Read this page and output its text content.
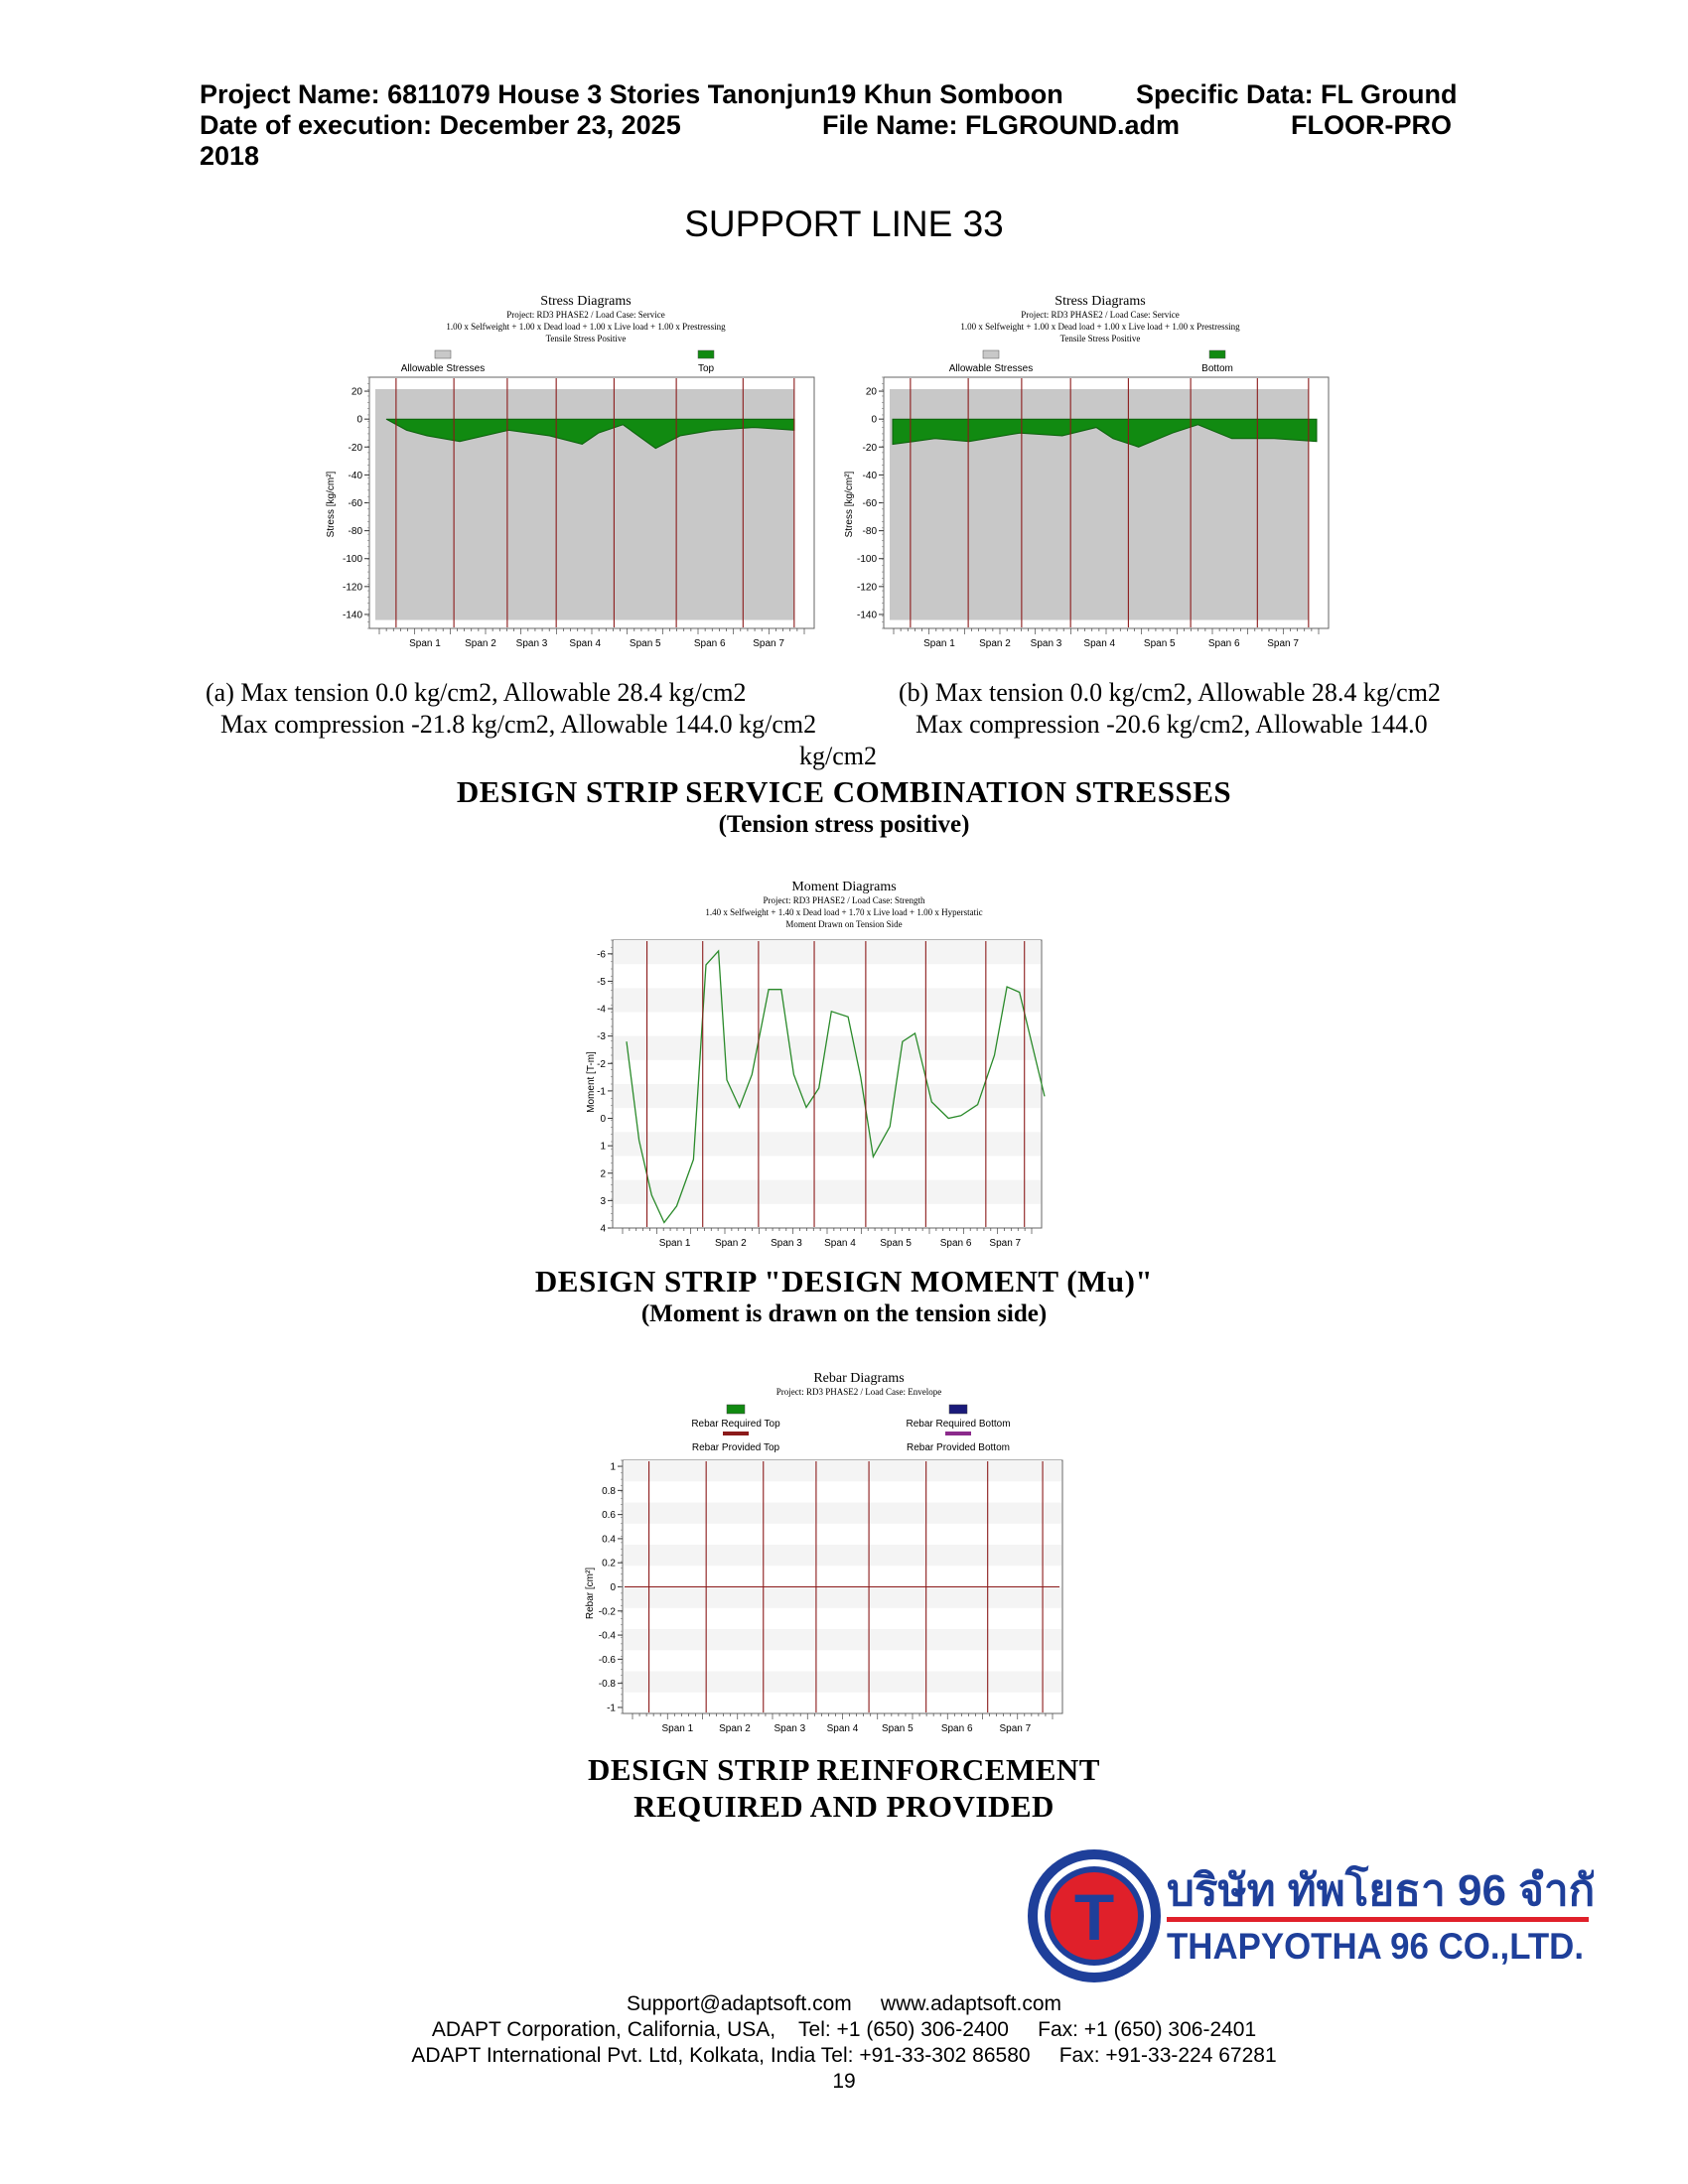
Project Name: 6811079 House 3 Stories Tanonjun19 Khun Somboon	Specific Data: FL Ground
Date of execution: December 23, 2025	File Name: FLGROUND.adm	FLOOR-PRO
2018
SUPPORT LINE 33
Stress Diagrams
Project: RD3 PHASE2 / Load Case: Service
1.00 x Selfweight + 1.00 x Dead load + 1.00 x Live load + 1.00 x Prestressing
Tensile Stress Positive
Allowable Stresses	Top
Stress [kg/cm²]
20
0
-20
-40
-60
-80
-100
-120
-140
Span 1 Span 2 Span 3 Span 4	Span 5	Span 6	Span 7
Stress Diagrams
Project: RD3 PHASE2 / Load Case: Service
1.00 x Selfweight + 1.00 x Dead load + 1.00 x Live load + 1.00 x Prestressing
Tensile Stress Positive
Allowable Stresses	Bottom
Stress [kg/cm²]
20
0
-20
-40
-60
-80
-100
-120
-140
Span 1 Span 2 Span 3 Span 4	Span 5	Span 6	Span 7
(a) Max tension 0.0 kg/cm2, Allowable 28.4 kg/cm2
Max compression -21.8 kg/cm2, Allowable 144.0 kg/cm2
(b) Max tension 0.0 kg/cm2, Allowable 28.4 kg/cm2
Max compression -20.6 kg/cm2, Allowable 144.0
kg/cm2
DESIGN STRIP SERVICE COMBINATION STRESSES
(Tension stress positive)
Moment Diagrams
Project: RD3 PHASE2 / Load Case: Strength
1.40 x Selfweight + 1.40 x Dead load + 1.70 x Live load + 1.00 x Hyperstatic
Moment Drawn on Tension Side
Moment [T-m]
-6
-5
-4
-3
-2
-1
0
1
2
3
4
Span 1 Span 2 Span 3 Span 4 Span 5	Span 6 Span 7
DESIGN STRIP "DESIGN MOMENT (Mu)"
(Moment is drawn on the tension side)
Rebar Diagrams
Project: RD3 PHASE2 / Load Case: Envelope
Rebar Required Top	Rebar Required Bottom
Rebar Provided Top	Rebar Provided Bottom
Rebar [cm²]
1
0.8
0.6
0.4
0.2
0
-0.2
-0.4
-0.6
-0.8
-1
Span 1	Span 2 Span 3 Span 4 Span 5	Span 6	Span 7
DESIGN STRIP REINFORCEMENT
REQUIRED AND PROVIDED
T บริษัท ทัพโยธา 96 จำกัด
THAPYOTHA 96 CO.,LTD.
Support@adaptsoft.com     www.adaptsoft.com
ADAPT Corporation, California, USA,    Tel: +1 (650) 306-2400     Fax: +1 (650) 306-2401
ADAPT International Pvt. Ltd, Kolkata, India Tel: +91-33-302 86580     Fax: +91-33-224 67281
19
